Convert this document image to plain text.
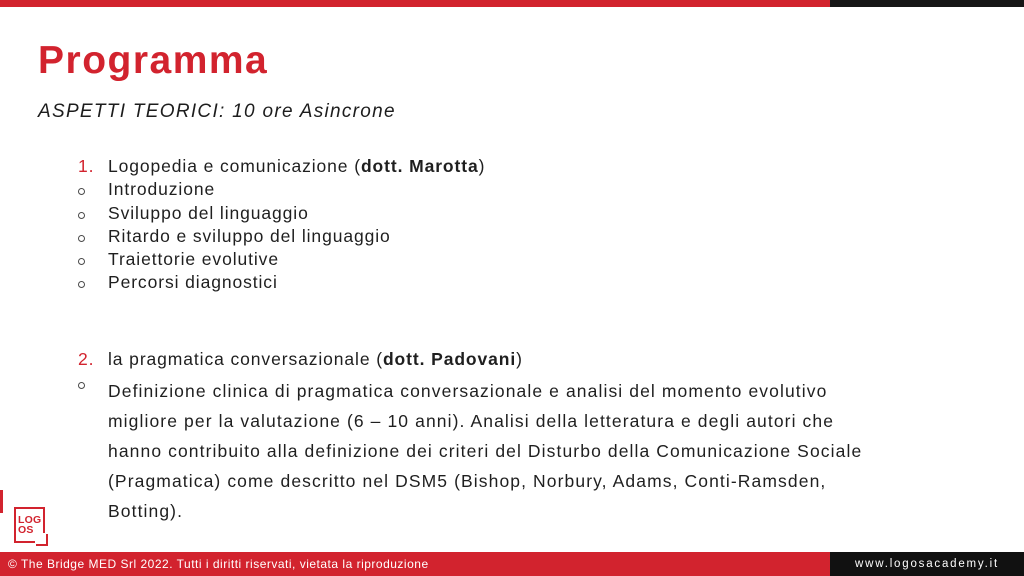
Programma
ASPETTI TEORICI: 10 ore Asincrone
1. Logopedia e comunicazione (dott. Marotta)
Introduzione
Sviluppo del linguaggio
Ritardo e sviluppo del linguaggio
Traiettorie evolutive
Percorsi diagnostici
2. la pragmatica conversazionale (dott. Padovani)
Definizione clinica di pragmatica conversazionale e analisi del momento evolutivo
migliore per la valutazione (6 – 10 anni). Analisi della letteratura e degli autori che
hanno contribuito alla definizione dei criteri del Disturbo della Comunicazione Sociale
(Pragmatica) come descritto nel DSM5 (Bishop, Norbury, Adams, Conti-Ramsden,
Botting).
LOG
OS
© The Bridge MED Srl 2022. Tutti i diritti riservati, vietata la riproduzione	www.logosacademy.it
